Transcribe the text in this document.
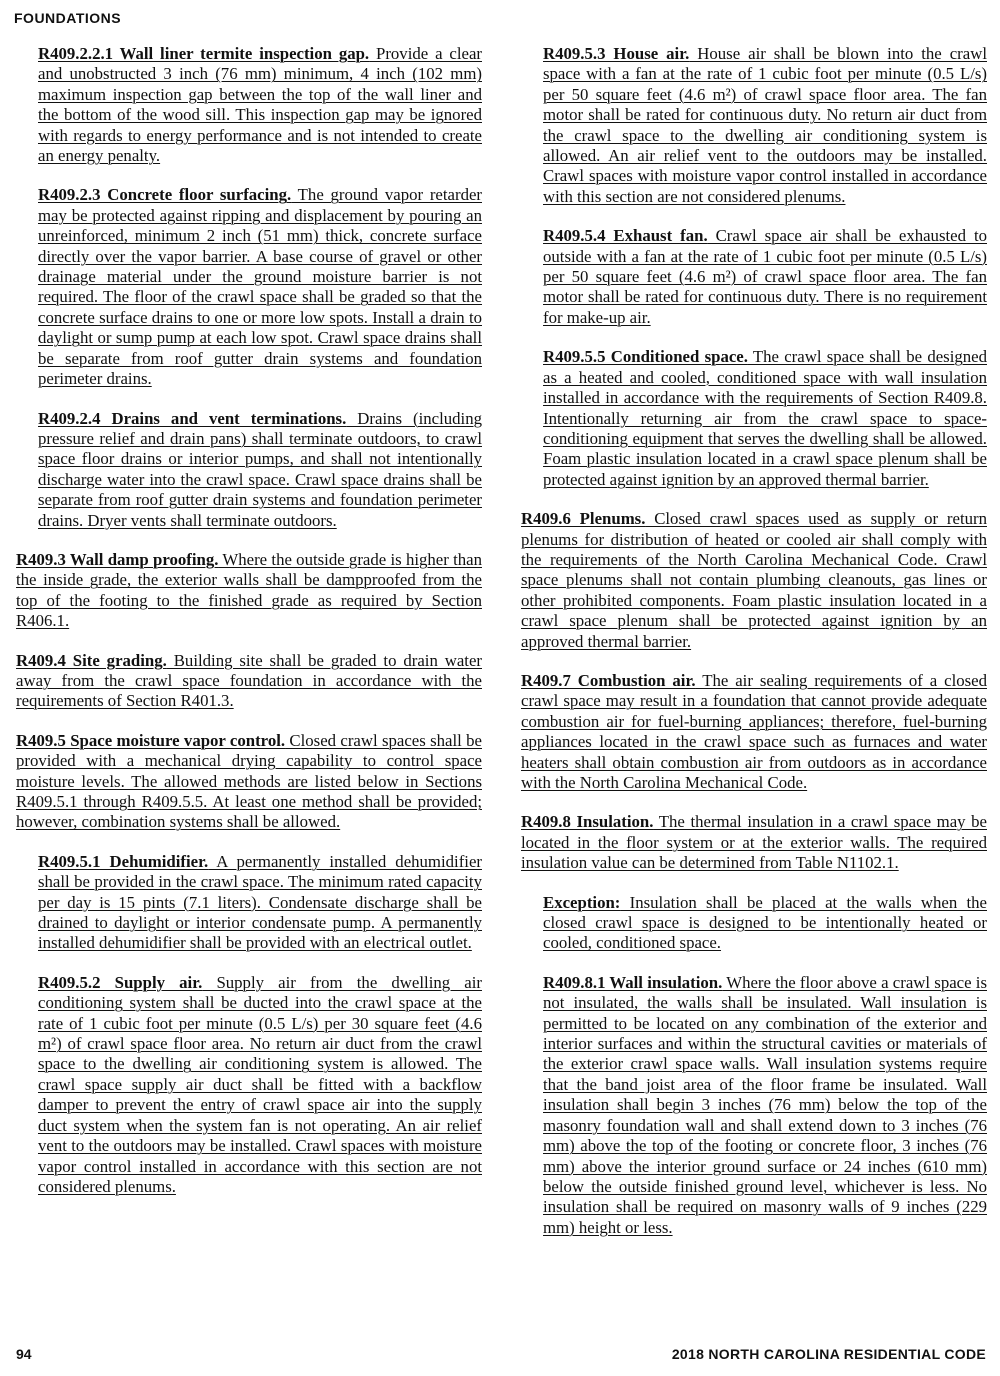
FOUNDATIONS

R409.2.2.1 Wall liner termite inspection gap. Provide a clear and unobstructed 3 inch (76 mm) minimum, 4 inch (102 mm) maximum inspection gap between the top of the wall liner and the bottom of the wood sill. This inspection gap may be ignored with regards to energy performance and is not intended to create an energy penalty.

R409.2.3 Concrete floor surfacing. The ground vapor retarder may be protected against ripping and displacement by pouring an unreinforced, minimum 2 inch (51 mm) thick, concrete surface directly over the vapor barrier. A base course of gravel or other drainage material under the ground moisture barrier is not required. The floor of the crawl space shall be graded so that the concrete surface drains to one or more low spots. Install a drain to daylight or sump pump at each low spot. Crawl space drains shall be separate from roof gutter drain systems and foundation perimeter drains.

R409.2.4 Drains and vent terminations. Drains (including pressure relief and drain pans) shall terminate outdoors, to crawl space floor drains or interior pumps, and shall not intentionally discharge water into the crawl space. Crawl space drains shall be separate from roof gutter drain systems and foundation perimeter drains. Dryer vents shall terminate outdoors.

R409.3 Wall damp proofing. Where the outside grade is higher than the inside grade, the exterior walls shall be dampproofed from the top of the footing to the finished grade as required by Section R406.1.

R409.4 Site grading. Building site shall be graded to drain water away from the crawl space foundation in accordance with the requirements of Section R401.3.

R409.5 Space moisture vapor control. Closed crawl spaces shall be provided with a mechanical drying capability to control space moisture levels. The allowed methods are listed below in Sections R409.5.1 through R409.5.5. At least one method shall be provided; however, combination systems shall be allowed.

R409.5.1 Dehumidifier. A permanently installed dehumidifier shall be provided in the crawl space. The minimum rated capacity per day is 15 pints (7.1 liters). Condensate discharge shall be drained to daylight or interior condensate pump. A permanently installed dehumidifier shall be provided with an electrical outlet.

R409.5.2 Supply air. Supply air from the dwelling air conditioning system shall be ducted into the crawl space at the rate of 1 cubic foot per minute (0.5 L/s) per 30 square feet (4.6 m²) of crawl space floor area. No return air duct from the crawl space to the dwelling air conditioning system is allowed. The crawl space supply air duct shall be fitted with a backflow damper to prevent the entry of crawl space air into the supply duct system when the system fan is not operating. An air relief vent to the outdoors may be installed. Crawl spaces with moisture vapor control installed in accordance with this section are not considered plenums.

R409.5.3 House air. House air shall be blown into the crawl space with a fan at the rate of 1 cubic foot per minute (0.5 L/s) per 50 square feet (4.6 m²) of crawl space floor area. The fan motor shall be rated for continuous duty. No return air duct from the crawl space to the dwelling air conditioning system is allowed. An air relief vent to the outdoors may be installed. Crawl spaces with moisture vapor control installed in accordance with this section are not considered plenums.

R409.5.4 Exhaust fan. Crawl space air shall be exhausted to outside with a fan at the rate of 1 cubic foot per minute (0.5 L/s) per 50 square feet (4.6 m²) of crawl space floor area. The fan motor shall be rated for continuous duty. There is no requirement for make-up air.

R409.5.5 Conditioned space. The crawl space shall be designed as a heated and cooled, conditioned space with wall insulation installed in accordance with the requirements of Section R409.8. Intentionally returning air from the crawl space to space-conditioning equipment that serves the dwelling shall be allowed. Foam plastic insulation located in a crawl space plenum shall be protected against ignition by an approved thermal barrier.

R409.6 Plenums. Closed crawl spaces used as supply or return plenums for distribution of heated or cooled air shall comply with the requirements of the North Carolina Mechanical Code. Crawl space plenums shall not contain plumbing cleanouts, gas lines or other prohibited components. Foam plastic insulation located in a crawl space plenum shall be protected against ignition by an approved thermal barrier.

R409.7 Combustion air. The air sealing requirements of a closed crawl space may result in a foundation that cannot provide adequate combustion air for fuel-burning appliances; therefore, fuel-burning appliances located in the crawl space such as furnaces and water heaters shall obtain combustion air from outdoors as in accordance with the North Carolina Mechanical Code.

R409.8 Insulation. The thermal insulation in a crawl space may be located in the floor system or at the exterior walls. The required insulation value can be determined from Table N1102.1.

Exception: Insulation shall be placed at the walls when the closed crawl space is designed to be intentionally heated or cooled, conditioned space.

R409.8.1 Wall insulation. Where the floor above a crawl space is not insulated, the walls shall be insulated. Wall insulation is permitted to be located on any combination of the exterior and interior surfaces and within the structural cavities or materials of the exterior crawl space walls. Wall insulation systems require that the band joist area of the floor frame be insulated. Wall insulation shall begin 3 inches (76 mm) below the top of the masonry foundation wall and shall extend down to 3 inches (76 mm) above the top of the footing or concrete floor, 3 inches (76 mm) above the interior ground surface or 24 inches (610 mm) below the outside finished ground level, whichever is less. No insulation shall be required on masonry walls of 9 inches (229 mm) height or less.

94	2018 NORTH CAROLINA RESIDENTIAL CODE
